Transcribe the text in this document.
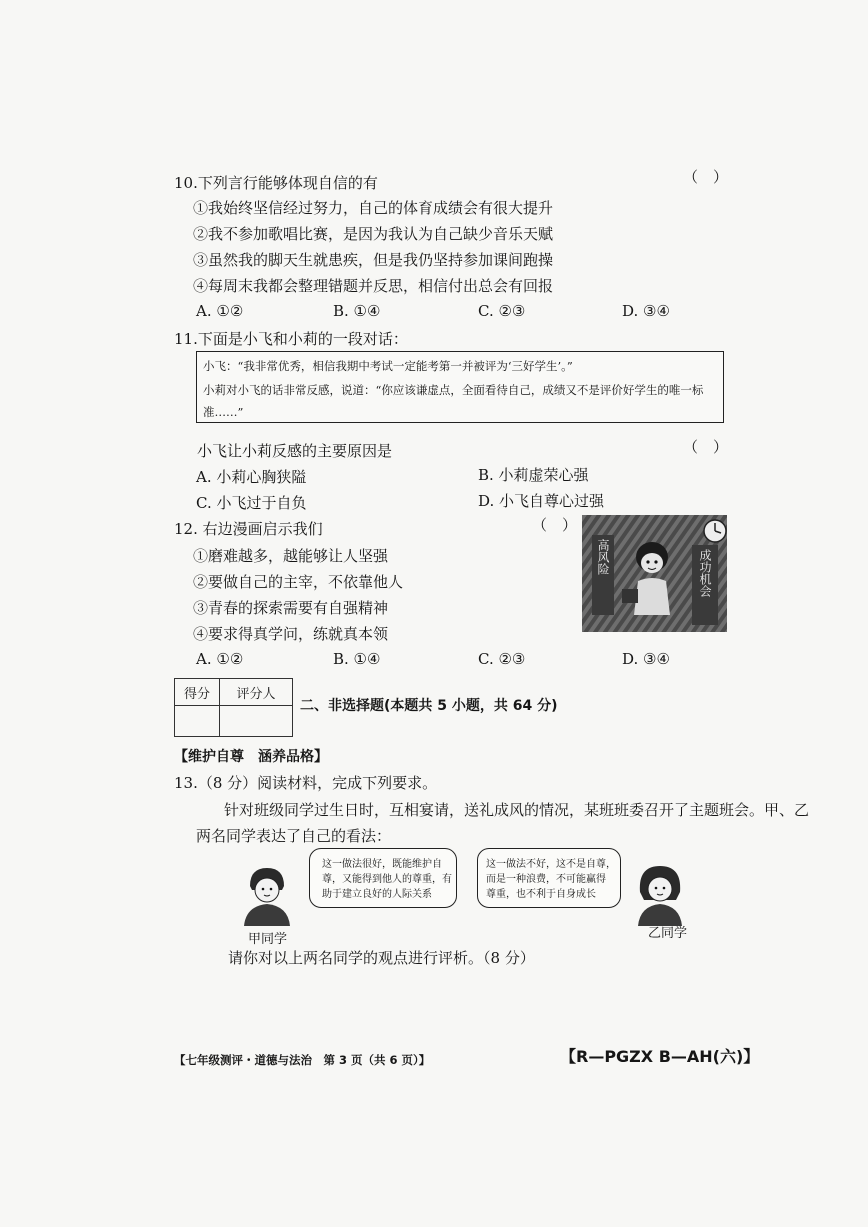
10.下列言行能够体现自信的有	（　）
①我始终坚信经过努力，自己的体育成绩会有很大提升
②我不参加歌唱比赛，是因为我认为自己缺少音乐天赋
③虽然我的脚天生就患疾，但是我仍坚持参加课间跑操
④每周末我都会整理错题并反思，相信付出总会有回报
A. ①②	B. ①④	C. ②③	D. ③④
11.下面是小飞和小莉的一段对话：
小飞：“我非常优秀，相信我期中考试一定能考第一并被评为‘三好学生’。”
小莉对小飞的话非常反感，说道：“你应该谦虚点，全面看待自己，成绩又不是评价好学生的唯一标
准……”
小飞让小莉反感的主要原因是	（　）
A. 小莉心胸狭隘	B. 小莉虚荣心强
C. 小飞过于自负	D. 小飞自尊心过强
12. 右边漫画启示我们	（　）
①磨难越多，越能够让人坚强
②要做自己的主宰，不依靠他人
③青春的探索需要有自强精神
④要求得真学问，练就真本领
A. ①②	B. ①④	C. ②③	D. ③④
高风险	成功机会
得分	评分人

二、非选择题(本题共 5 小题，共 64 分)
【维护自尊　涵养品格】
13.（8 分）阅读材料，完成下列要求。
针对班级同学过生日时，互相宴请，送礼成风的情况，某班班委召开了主题班会。甲、乙
两名同学表达了自己的看法：
甲同学
这一做法很好，既能维护自
尊，又能得到他人的尊重，有
助于建立良好的人际关系
这一做法不好，这不是自尊，
而是一种浪费，不可能赢得
尊重，也不利于自身成长
乙同学
请你对以上两名同学的观点进行评析。（8 分）
【七年级测评・道德与法治　第 3 页（共 6 页）】	【R—PGZX B—AH(六)】
